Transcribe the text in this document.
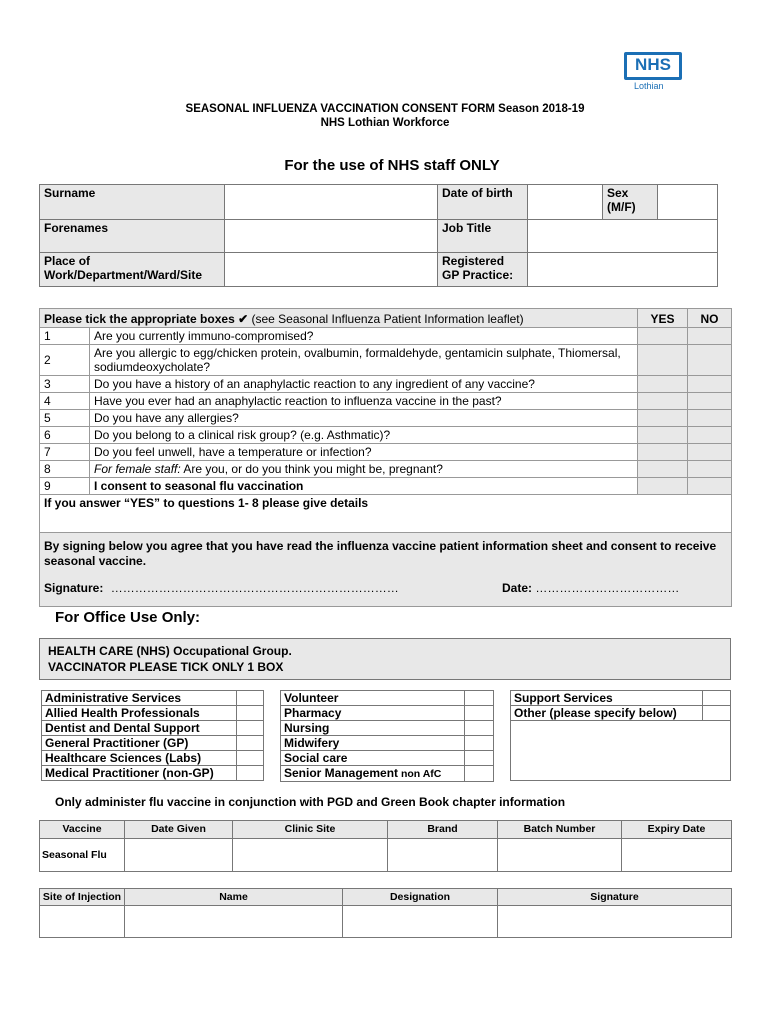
NHS
Lothian
SEASONAL INFLUENZA VACCINATION CONSENT FORM Season 2018-19
NHS Lothian Workforce
For the use of NHS staff ONLY
Surname		Date of birth		Sex
(M/F)	
Forenames		Job Title			
Place of
Work/Department/Ward/Site		Registered
GP Practice:			
Please tick the appropriate boxes ✔ (see Seasonal Influenza Patient Information leaflet)		YES	NO
1	Are you currently immuno-compromised?		
2	Are you allergic to egg/chicken protein, ovalbumin, formaldehyde, gentamicin sulphate, Thiomersal, sodiumdeoxycholate?		
3	Do you have a history of an anaphylactic reaction to any ingredient of any vaccine?		
4	Have you ever had an anaphylactic reaction to influenza vaccine in the past?		
5	Do you have any allergies?		
6	Do you belong to a clinical risk group? (e.g. Asthmatic)?		
7	Do you feel unwell, have a temperature or infection?		
8	For female staff: Are you, or do you think you might be, pregnant?		
9	I consent to seasonal flu vaccination		
If you answer “YES” to questions 1- 8 please give details			

By signing below you agree that you have read the influenza vaccine patient information sheet and consent to receive seasonal vaccine.
Signature: ……………………………………………………………… Date: ………………………………			
For Office Use Only:
HEALTH CARE (NHS) Occupational Group.
VACCINATOR PLEASE TICK ONLY 1 BOX
Administrative Services	
Allied Health Professionals	
Dentist and Dental Support	
General Practitioner (GP)	
Healthcare Sciences (Labs)	
Medical Practitioner (non-GP)	
Volunteer	
Pharmacy	
Nursing	
Midwifery	
Social care	
Senior Management non AfC	
Support Services	
Other (please specify below)	

Only administer flu vaccine in conjunction with PGD and Green Book chapter information
Vaccine	Date Given	Clinic Site	Brand	Batch Number	Expiry Date
Seasonal Flu					
Site of Injection	Name	Designation	Signature
